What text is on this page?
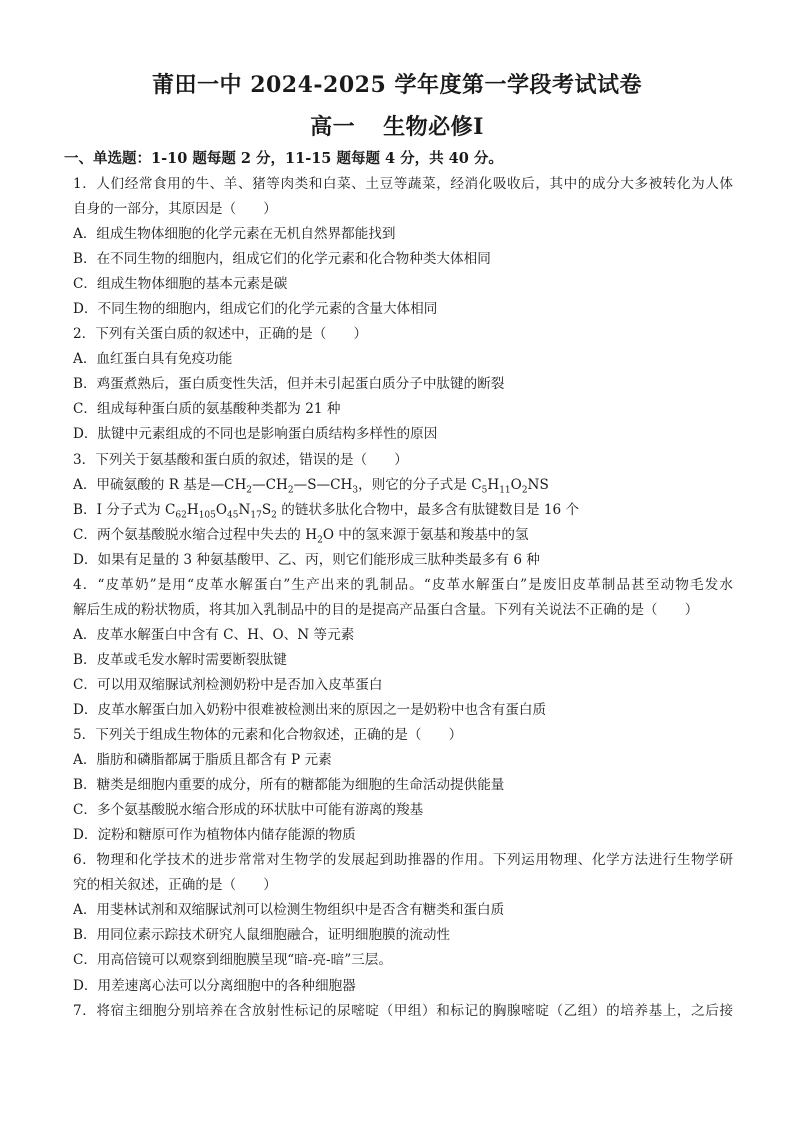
莆田一中 2024-2025 学年度第一学段考试试卷
高一 生物必修Ⅰ
一、单选题：1-10 题每题 2 分，11-15 题每题 4 分，共 40 分。
1．人们经常食用的牛、羊、猪等肉类和白菜、土豆等蔬菜，经消化吸收后，其中的成分大多被转化为人体
自身的一部分，其原因是（　　）
A．组成生物体细胞的化学元素在无机自然界都能找到
B．在不同生物的细胞内，组成它们的化学元素和化合物种类大体相同
C．组成生物体细胞的基本元素是碳
D．不同生物的细胞内，组成它们的化学元素的含量大体相同
2．下列有关蛋白质的叙述中，正确的是（　　）
A．血红蛋白具有免疫功能
B．鸡蛋煮熟后，蛋白质变性失活，但并未引起蛋白质分子中肽键的断裂
C．组成每种蛋白质的氨基酸种类都为 21 种
D．肽键中元素组成的不同也是影响蛋白质结构多样性的原因
3．下列关于氨基酸和蛋白质的叙述，错误的是（　　）
A．甲硫氨酸的 R 基是$—CH_2—CH_2—S—CH_3$，则它的分子式是 $C_5H_{11}O_2NS$
B．I 分子式为 $C_{62}H_{105}O_{45}N_{17}S_2$ 的链状多肽化合物中，最多含有肽键数目是 16 个
C．两个氨基酸脱水缩合过程中失去的 $H_2O$ 中的氢来源于氨基和羧基中的氢
D．如果有足量的 3 种氨基酸甲、乙、丙，则它们能形成三肽种类最多有 6 种
4．“皮革奶”是用“皮革水解蛋白”生产出来的乳制品。“皮革水解蛋白”是废旧皮革制品甚至动物毛发水
解后生成的粉状物质，将其加入乳制品中的目的是提高产品蛋白含量。下列有关说法不正确的是（　　）
A．皮革水解蛋白中含有 C、H、O、N 等元素
B．皮革或毛发水解时需要断裂肽键
C．可以用双缩脲试剂检测奶粉中是否加入皮革蛋白
D．皮革水解蛋白加入奶粉中很难被检测出来的原因之一是奶粉中也含有蛋白质
5．下列关于组成生物体的元素和化合物叙述，正确的是（　　）
A．脂肪和磷脂都属于脂质且都含有 P 元素
B．糖类是细胞内重要的成分，所有的糖都能为细胞的生命活动提供能量
C．多个氨基酸脱水缩合形成的环状肽中可能有游离的羧基
D．淀粉和糖原可作为植物体内储存能源的物质
6．物理和化学技术的进步常常对生物学的发展起到助推器的作用。下列运用物理、化学方法进行生物学研
究的相关叙述，正确的是（　　）
A．用斐林试剂和双缩脲试剂可以检测生物组织中是否含有糖类和蛋白质
B．用同位素示踪技术研究人鼠细胞融合，证明细胞膜的流动性
C．用高倍镜可以观察到细胞膜呈现“暗-亮-暗”三层。
D．用差速离心法可以分离细胞中的各种细胞器
7．将宿主细胞分别培养在含放射性标记的尿嘧啶（甲组）和标记的胸腺嘧啶（乙组）的培养基上，之后接
